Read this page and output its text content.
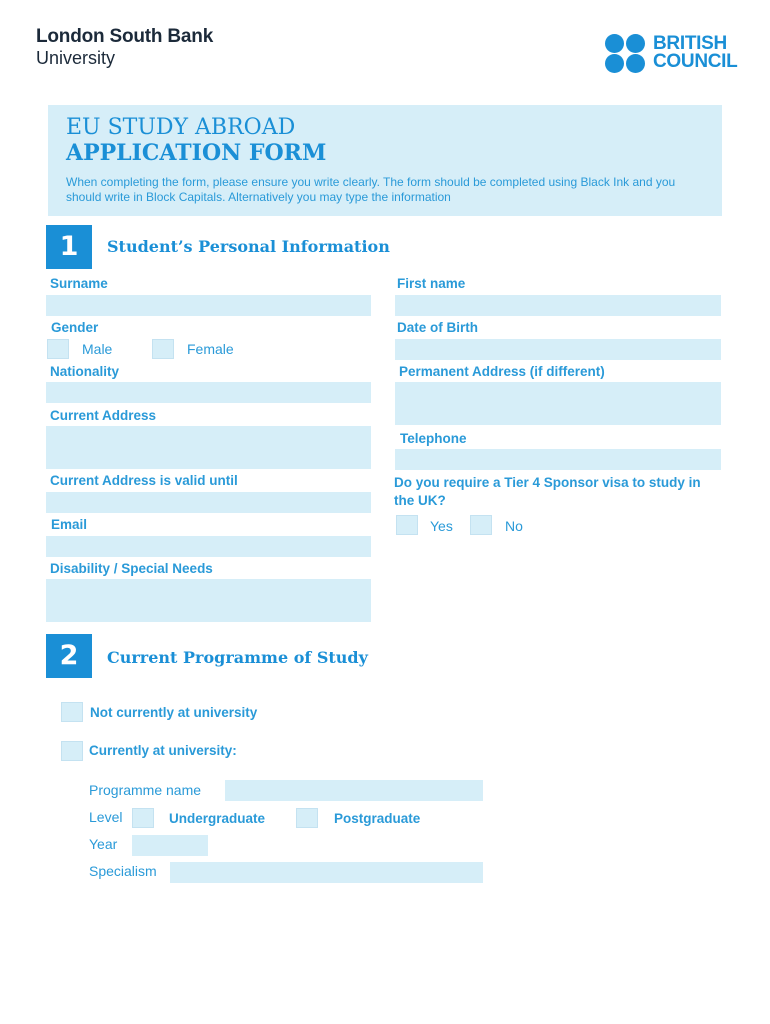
London South Bank
University
BRITISH
COUNCIL
EU STUDY ABROAD
APPLICATION FORM
When completing the form, please ensure you write clearly. The form should be completed using Black Ink and you should write in Block Capitals. Alternatively you may type the information
1	Student’s Personal Information
Surname
Gender
Male	Female
Nationality
Current Address
Current Address is valid until
Email
Disability / Special Needs
First name
Date of Birth
Permanent Address (if different)
Telephone
Do you require a Tier 4 Sponsor visa to study in
the UK?
Yes	No
2	Current Programme of Study
Not currently at university
Currently at university:
Programme name
Level	Undergraduate	Postgraduate
Year
Specialism
